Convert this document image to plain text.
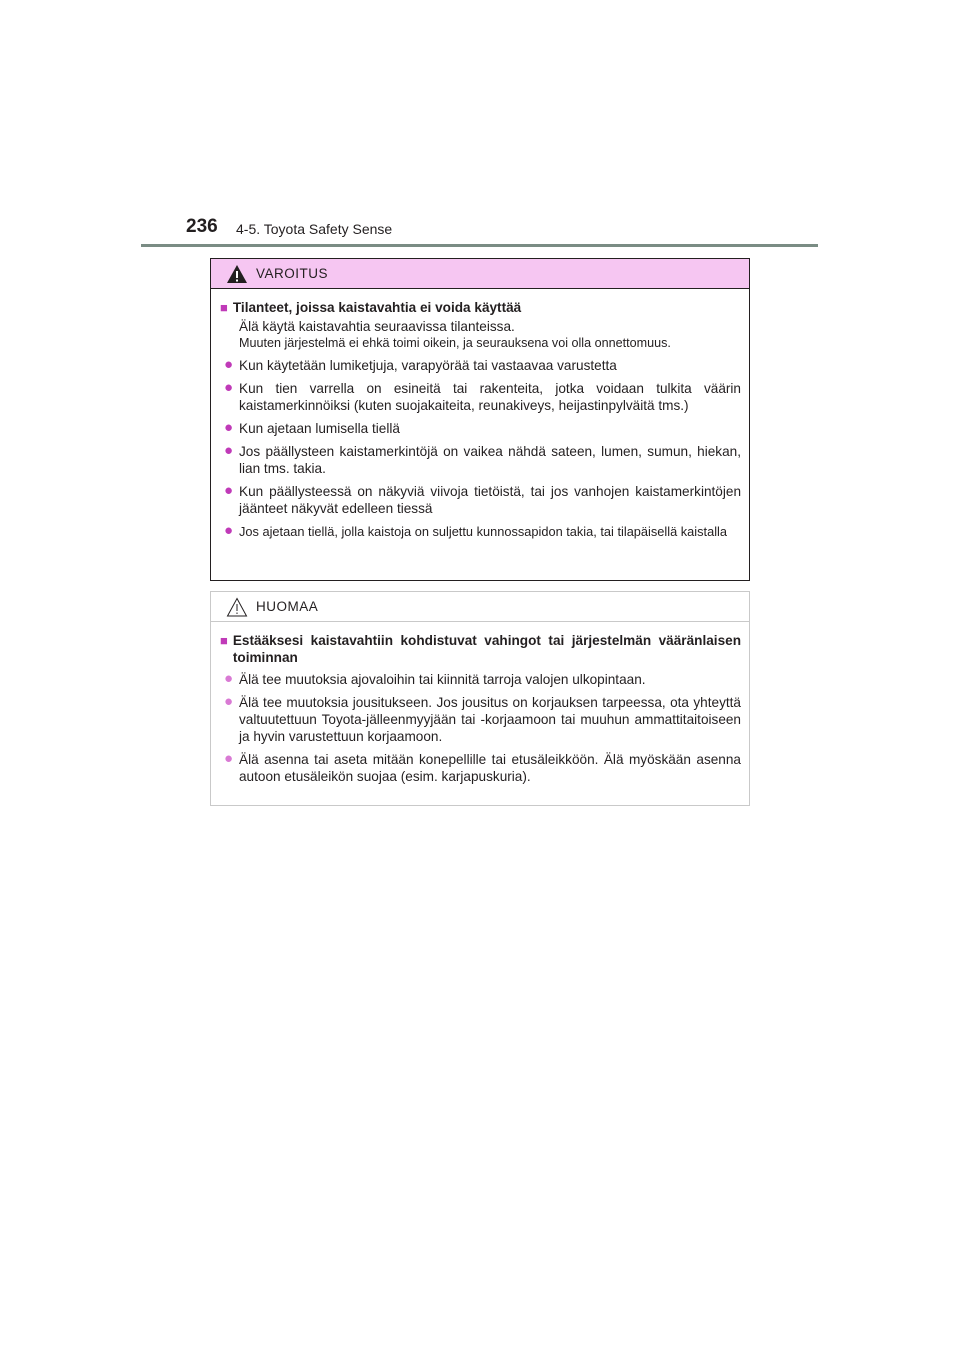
236 4-5. Toyota Safety Sense
VAROITUS
■ Tilanteet, joissa kaistavahtia ei voida käyttää
Älä käytä kaistavahtia seuraavissa tilanteissa.
Muuten järjestelmä ei ehkä toimi oikein, ja seurauksena voi olla onnettomuus.
● Kun käytetään lumiketjuja, varapyörää tai vastaavaa varustetta
● Kun tien varrella on esineitä tai rakenteita, jotka voidaan tulkita väärin kaistamerkinnöiksi (kuten suojakaiteita, reunakiveys, heijastinpylväitä tms.)
● Kun ajetaan lumisella tiellä
● Jos päällysteen kaistamerkintöjä on vaikea nähdä sateen, lumen, sumun, hiekan, lian tms. takia.
● Kun päällysteessä on näkyviä viivoja tietöistä, tai jos vanhojen kaistamerkintöjen jäänteet näkyvät edelleen tiessä
● Jos ajetaan tiellä, jolla kaistoja on suljettu kunnossapidon takia, tai tilapäisellä kaistalla
HUOMAA
■ Estääksesi kaistavahtiin kohdistuvat vahingot tai järjestelmän vääränlaisen toiminnan
● Älä tee muutoksia ajovaloihin tai kiinnitä tarroja valojen ulkopintaan.
● Älä tee muutoksia jousitukseen. Jos jousitus on korjauksen tarpeessa, ota yhteyttä valtuutettuun Toyota-jälleenmyyjään tai -korjaamoon tai muuhun ammattitaitoiseen ja hyvin varustettuun korjaamoon.
● Älä asenna tai aseta mitään konepellille tai etusäleikköön. Älä myöskään asenna autoon etusäleikön suojaa (esim. karjapuskuria).
